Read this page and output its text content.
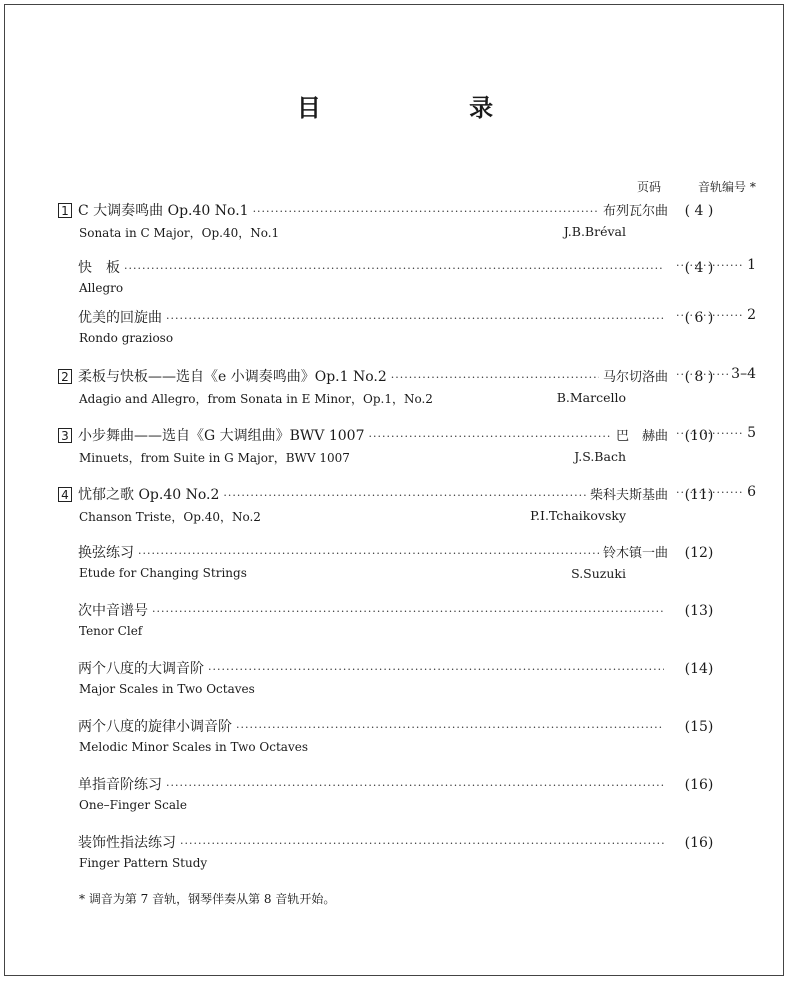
目 录
页码	音轨编号 *
1 C 大调奏鸣曲 Op.40 No.1 ·····	布列瓦尔曲	( 4 )
Sonata in C Major，Op.40，No.1	J.B.Bréval
快　板 ·····	( 4 ) ·····	1
Allegro
优美的回旋曲 ·····	( 6 ) ·····	2
Rondo grazioso
2 柔板与快板——选自《e 小调奏鸣曲》Op.1 No.2 ·····	马尔切洛曲	( 8 ) ·····	3–4
Adagio and Allegro，from Sonata in E Minor，Op.1，No.2	B.Marcello
3 小步舞曲——选自《G 大调组曲》BWV 1007 ·····	巴　赫曲	(10) ·····	5
Minuets，from Suite in G Major，BWV 1007	J.S.Bach
4 忧郁之歌 Op.40 No.2 ·····	柴科夫斯基曲	(11) ·····	6
Chanson Triste，Op.40，No.2	P.I.Tchaikovsky
换弦练习 ·····	铃木镇一曲	(12)
Etude for Changing Strings	S.Suzuki
次中音谱号 ·····	(13)
Tenor Clef
两个八度的大调音阶 ·····	(14)
Major Scales in Two Octaves
两个八度的旋律小调音阶 ·····	(15)
Melodic Minor Scales in Two Octaves
单指音阶练习 ·····	(16)
One–Finger Scale
装饰性指法练习 ·····	(16)
Finger Pattern Study
* 调音为第 7 音轨，钢琴伴奏从第 8 音轨开始。
